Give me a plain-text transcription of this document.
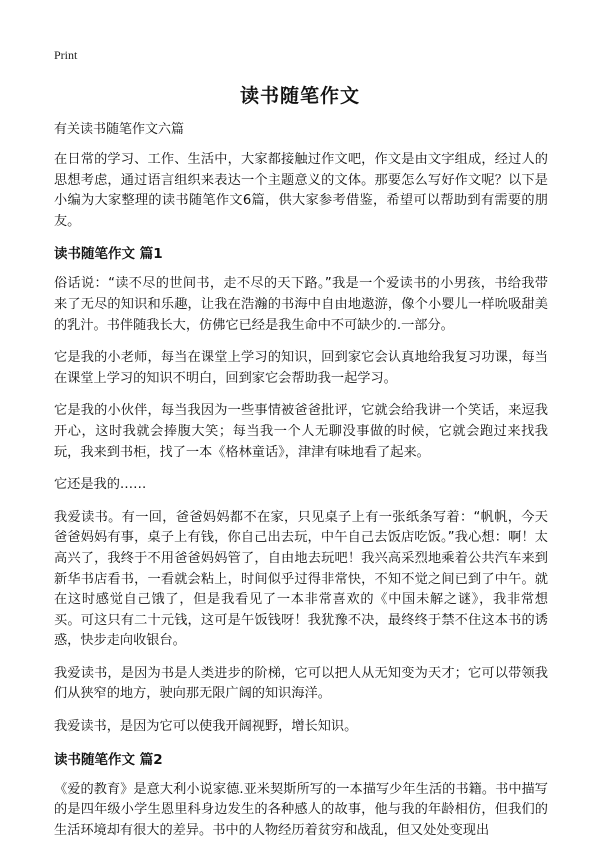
Print
读书随笔作文
有关读书随笔作文六篇

在日常的学习、工作、生活中，大家都接触过作文吧，作文是由文字组成，经过人的思想考虑，通过语言组织来表达一个主题意义的文体。那要怎么写好作文呢？以下是小编为大家整理的读书随笔作文6篇，供大家参考借鉴，希望可以帮助到有需要的朋友。

读书随笔作文 篇1

俗话说：“读不尽的世间书，走不尽的天下路。”我是一个爱读书的小男孩，书给我带来了无尽的知识和乐趣，让我在浩瀚的书海中自由地遨游，像个小婴儿一样吮吸甜美的乳汁。书伴随我长大，仿佛它已经是我生命中不可缺少的.一部分。

它是我的小老师，每当在课堂上学习的知识，回到家它会认真地给我复习功课，每当在课堂上学习的知识不明白，回到家它会帮助我一起学习。

它是我的小伙伴，每当我因为一些事情被爸爸批评，它就会给我讲一个笑话，来逗我开心，这时我就会捧腹大笑；每当我一个人无聊没事做的时候，它就会跑过来找我玩，我来到书柜，找了一本《格林童话》，津津有味地看了起来。

它还是我的……

我爱读书。有一回，爸爸妈妈都不在家，只见桌子上有一张纸条写着：“帆帆，今天爸爸妈妈有事，桌子上有钱，你自己出去玩，中午自己去饭店吃饭。”我心想：啊！太高兴了，我终于不用爸爸妈妈管了，自由地去玩吧！我兴高采烈地乘着公共汽车来到新华书店看书，一看就会粘上，时间似乎过得非常快，不知不觉之间已到了中午。就在这时感觉自己饿了，但是我看见了一本非常喜欢的《中国未解之谜》，我非常想买。可这只有二十元钱，这可是午饭钱呀！我犹豫不决，最终终于禁不住这本书的诱惑，快步走向收银台。

我爱读书，是因为书是人类进步的阶梯，它可以把人从无知变为天才；它可以带领我们从狭窄的地方，驶向那无限广阔的知识海洋。

我爱读书，是因为它可以使我开阔视野，增长知识。

读书随笔作文 篇2

《爱的教育》是意大利小说家德.亚米契斯所写的一本描写少年生活的书籍。书中描写的是四年级小学生恩里科身边发生的各种感人的故事，他与我的年龄相仿，但我们的生活环境却有很大的差异。书中的人物经历着贫穷和战乱，但又处处变现出
